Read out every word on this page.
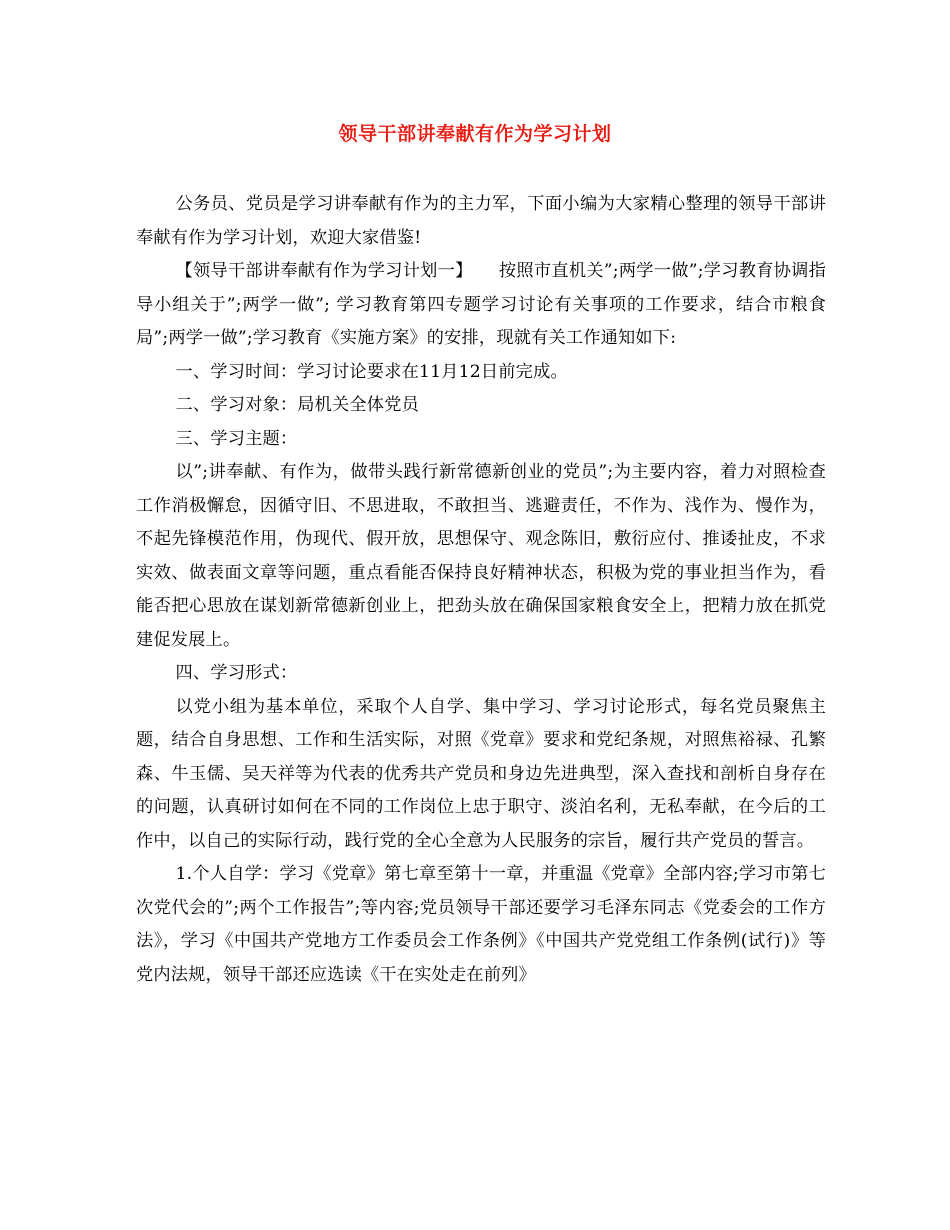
领导干部讲奉献有作为学习计划

公务员、党员是学习讲奉献有作为的主力军，下面小编为大家精心整理的领导干部讲奉献有作为学习计划，欢迎大家借鉴!

【领导干部讲奉献有作为学习计划一】　　按照市直机关”;两学一做”;学习教育协调指导小组关于”;两学一做”; 学习教育第四专题学习讨论有关事项的工作要求，结合市粮食局”;两学一做”;学习教育《实施方案》的安排，现就有关工作通知如下:

一、学习时间：学习讨论要求在11月12日前完成。

二、学习对象：局机关全体党员

三、学习主题：

以”;讲奉献、有作为，做带头践行新常德新创业的党员”;为主要内容，着力对照检查工作消极懈怠，因循守旧、不思进取，不敢担当、逃避责任，不作为、浅作为、慢作为，不起先锋模范作用，伪现代、假开放，思想保守、观念陈旧，敷衍应付、推诿扯皮，不求实效、做表面文章等问题，重点看能否保持良好精神状态，积极为党的事业担当作为，看能否把心思放在谋划新常德新创业上，把劲头放在确保国家粮食安全上，把精力放在抓党建促发展上。

四、学习形式：

以党小组为基本单位，采取个人自学、集中学习、学习讨论形式，每名党员聚焦主题，结合自身思想、工作和生活实际，对照《党章》要求和党纪条规，对照焦裕禄、孔繁森、牛玉儒、吴天祥等为代表的优秀共产党员和身边先进典型，深入查找和剖析自身存在的问题，认真研讨如何在不同的工作岗位上忠于职守、淡泊名利，无私奉献，在今后的工作中，以自己的实际行动，践行党的全心全意为人民服务的宗旨，履行共产党员的誓言。

1.个人自学：学习《党章》第七章至第十一章，并重温《党章》全部内容;学习市第七次党代会的”;两个工作报告”;等内容;党员领导干部还要学习毛泽东同志《党委会的工作方法》，学习《中国共产党地方工作委员会工作条例》《中国共产党党组工作条例(试行)》等党内法规，领导干部还应选读《干在实处走在前列》
